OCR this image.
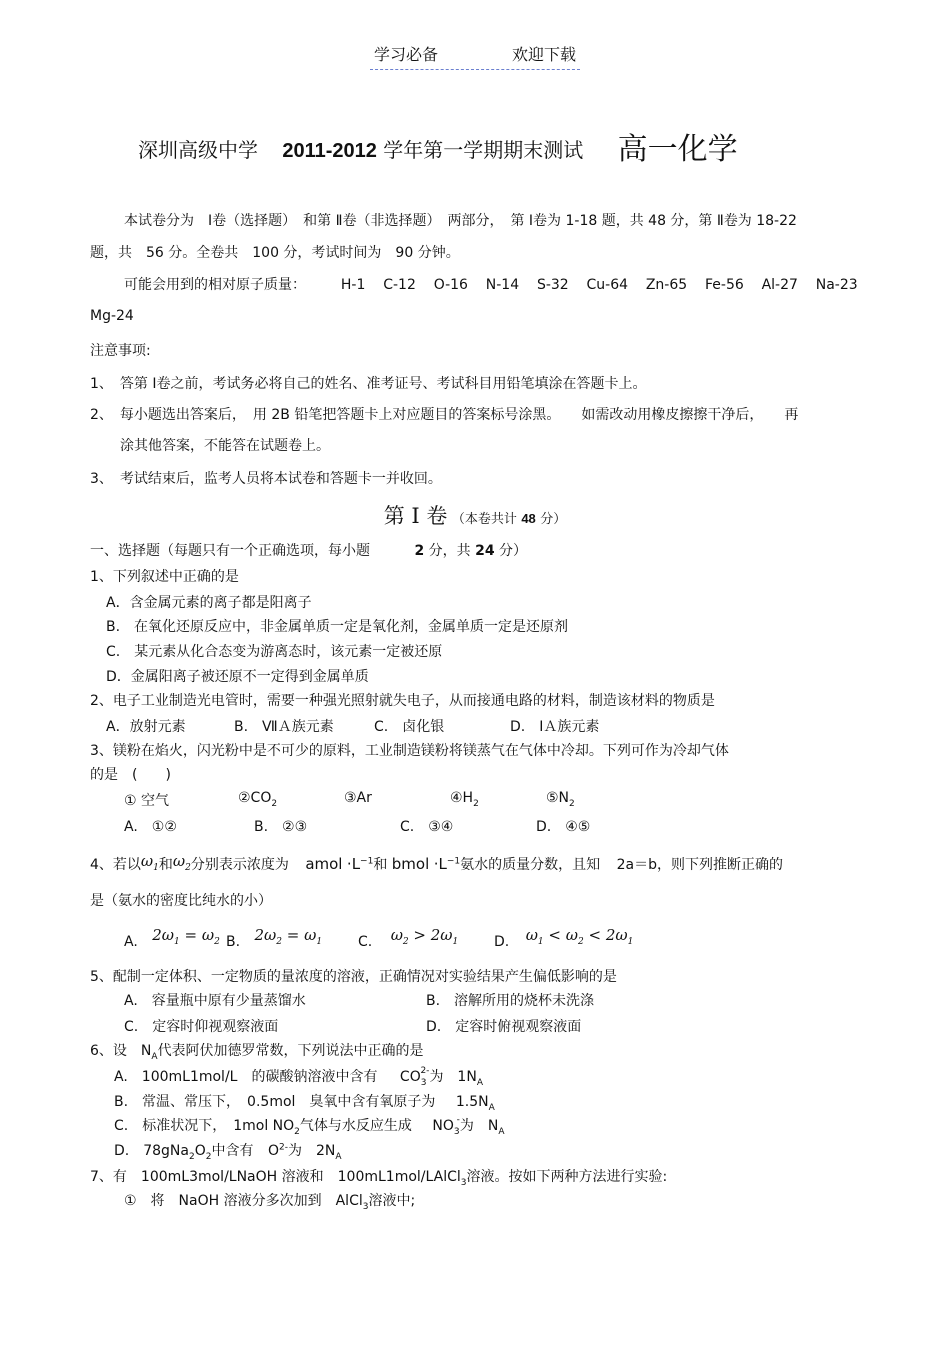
学习必备	欢迎下载
深圳高级中学 2011-2012 学年第一学期期末测试 高一化学
本试卷分为　Ⅰ卷（选择题）　和第 Ⅱ卷（非选择题）　两部分，　第 Ⅰ卷为 1-18 题，共 48 分，第 Ⅱ卷为 18-22
题，共　56 分。全卷共　100 分，考试时间为　90 分钟。
可能会用到的相对原子质量： H-1 C-12 O-16 N-14 S-32 Cu-64 Zn-65 Fe-56 Al-27 Na-23
Mg-24
注意事项:
1、　答第 Ⅰ卷之前，考试务必将自己的姓名、准考证号、考试科目用铅笔填涂在答题卡上。
2、　每小题选出答案后，　用 2B 铅笔把答题卡上对应题目的答案标号涂黑。　　如需改动用橡皮擦擦干净后，　　再
涂其他答案，不能答在试题卷上。
3、　考试结束后，监考人员将本试卷和答题卡一并收回。
第 Ⅰ 卷 （本卷共计 48 分）
一、选择题（每题只有一个正确选项，每小题	2 分，共 24 分）
1、下列叙述中正确的是
A．含金属元素的离子都是阳离子
B.　在氧化还原反应中，非金属单质一定是氧化剂，金属单质一定是还原剂
C.　某元素从化合态变为游离态时，该元素一定被还原
D．金属阳离子被还原不一定得到金属单质
2、电子工业制造光电管时，需要一种强光照射就失电子，从而接通电路的材料，制造该材料的物质是
A．放射元素	B.　ⅦＡ族元素	C.　卤化银	D.　ⅠＡ族元素
3、镁粉在焰火，闪光粉中是不可少的原料，工业制造镁粉将镁蒸气在气体中冷却。下列可作为冷却气体
的是　(　　)
① 空气	$②CO_2$	③Ar	$④H_2$	$⑤N_2$
A.　①②	B.　②③	C.　③④	D.　④⑤
4、若以$\omega_1$和$\omega_2$分别表示浓度为 amol $\cdot L^{-1}$和 bmol $\cdot L^{-1}$氨水的质量分数，且知 2a＝b，则下列推断正确的
是（氨水的密度比纯水的小）
A. $2\omega_1 = \omega_2$ B. $2\omega_2 = \omega_1$	C. $\omega_2 > 2\omega_1$	D. $\omega_1 < \omega_2 < 2\omega_1$
5、配制一定体积、一定物质的量浓度的溶液，正确情况对实验结果产生偏低影响的是
A.　容量瓶中原有少量蒸馏水	B.　溶解所用的烧杯未洗涤
C.　定容时仰视观察液面	D.　定容时俯视观察液面
6、设　$N_A$代表阿伏加德罗常数，下列说法中正确的是
A.　100mL1mol/L　的碳酸钠溶液中含有 $CO_3^{2-}$为　$1N_A$
B.　常温、常压下，　0.5mol　臭氧中含有氧原子为 $1.5N_A$
C.　标准状况下，　1mol $NO_2$气体与水反应生成 $NO_3^-$为　$N_A$
D.　$78gNa_2O_2$中含有 $O^{2-}$为　$2N_A$
7、有　100mL3mol/LNaOH 溶液和　100mL1mol/LAlCl$_3$溶液。按如下两种方法进行实验:
①　将　NaOH 溶液分多次加到　AlCl$_3$溶液中;
